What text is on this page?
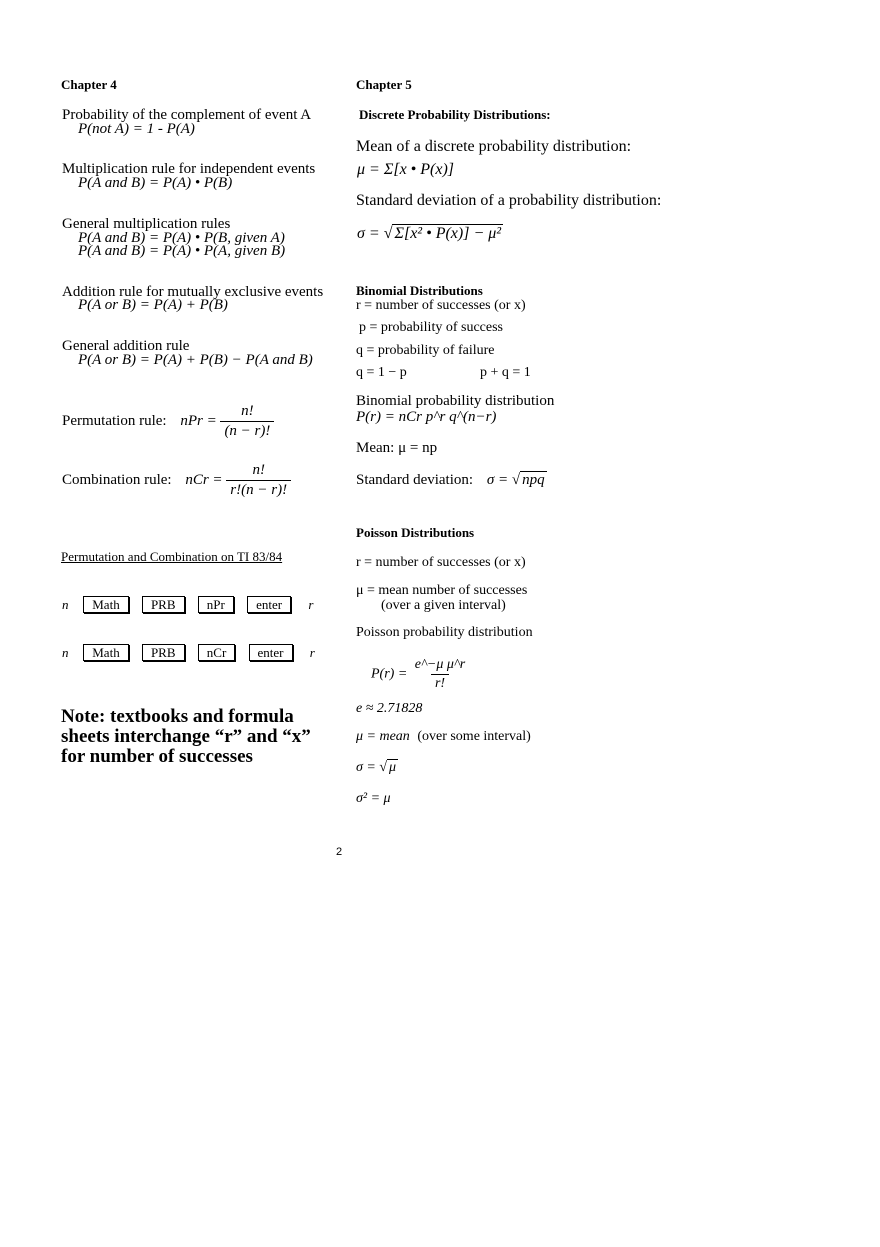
Chapter 4
Probability of the complement of event A
P(not A) = 1 - P(A)
Multiplication rule for independent events
P(A and B) = P(A) • P(B)
General multiplication rules
P(A and B) = P(A) • P(B, given A)
P(A and B) = P(A) • P(A, given B)
Addition rule for mutually exclusive events
P(A or B) = P(A) + P(B)
General addition rule
P(A or B) = P(A) + P(B) − P(A and B)
Permutation rule: nPr = $\frac{n!}{(n - r)!}$
Combination rule: nCr = $\frac{n!}{r!(n - r)!}$
Permutation and Combination on TI 83/84
n Math PRB nPr enter r
n Math PRB nCr enter r
Note: textbooks and formula sheets interchange “r” and “x” for number of successes
Chapter 5
Discrete Probability Distributions:
Mean of a discrete probability distribution:
μ = Σ[x • P(x)]
Standard deviation of a probability distribution:
σ = √ Σ[x² • P(x)] − μ²
Binomial Distributions
r = number of successes (or x)
p = probability of success
q = probability of failure
q = 1 − p	p + q = 1
Binomial probability distribution
P(r) = nCr p^r q^(n−r)
Mean: μ = np
Standard deviation: σ = √ npq
Poisson Distributions
r = number of successes (or x)
μ = mean number of successes
(over a given interval)
Poisson probability distribution
$P(r) = \frac{\text{e\textasciicircum{}−μ μ\textasciicircum{}r}}{r!}$
e ≈ 2.71828
μ = mean (over some interval)
σ = √ μ
σ² = μ
2
